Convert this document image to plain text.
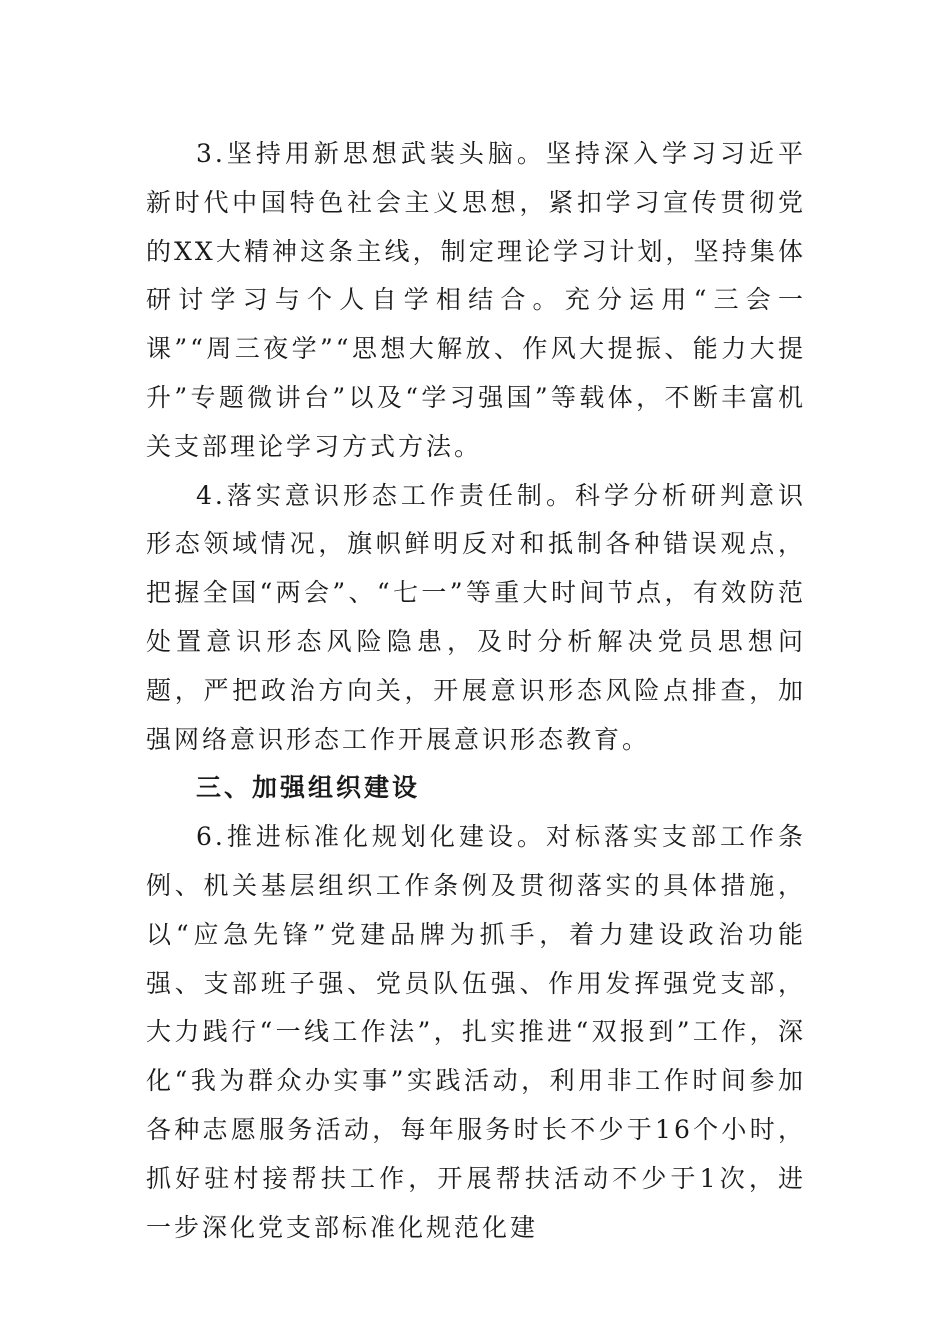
3.坚持用新思想武装头脑。坚持深入学习习近平新时代中国特色社会主义思想，紧扣学习宣传贯彻党的XX大精神这条主线，制定理论学习计划，坚持集体研讨学习与个人自学相结合。充分运用“三会一课”“周三夜学”“思想大解放、作风大提振、能力大提升”专题微讲台”以及“学习强国”等载体，不断丰富机关支部理论学习方式方法。

4.落实意识形态工作责任制。科学分析研判意识形态领域情况，旗帜鲜明反对和抵制各种错误观点，把握全国“两会”、“七一”等重大时间节点，有效防范处置意识形态风险隐患，及时分析解决党员思想问题，严把政治方向关，开展意识形态风险点排查，加强网络意识形态工作开展意识形态教育。

三、加强组织建设

6.推进标准化规划化建设。对标落实支部工作条例、机关基层组织工作条例及贯彻落实的具体措施，以“应急先锋”党建品牌为抓手，着力建设政治功能强、支部班子强、党员队伍强、作用发挥强党支部，大力践行“一线工作法”，扎实推进“双报到”工作，深化“我为群众办实事”实践活动，利用非工作时间参加各种志愿服务活动，每年服务时长不少于16个小时，抓好驻村接帮扶工作，开展帮扶活动不少于1次，进一步深化党支部标准化规范化建
